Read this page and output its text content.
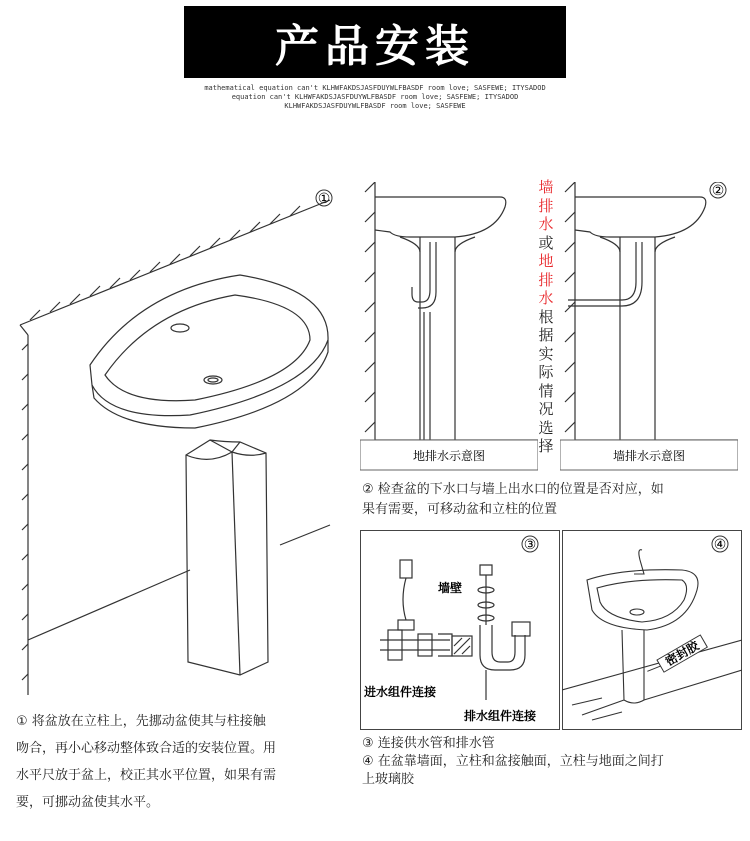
产品安装
mathematical equation can't KLHWFAKDSJASFDUYWLFBASDF room love; SASFEWE; ITYSADOD
equation can't KLHWFAKDSJASFDUYWLFBASDF room love; SASFEWE; ITYSADOD
KLHWFAKDSJASFDUYWLFBASDF room love; SASFEWE
①
① 将盆放在立柱上，先挪动盆使其与柱接触
吻合，再小心移动整体致合适的安装位置。用
水平尺放于盆上，校正其水平位置，如果有需
要，可挪动盆使其水平。
地排水示意图
墙排水或地排水根据实际情况选择
②
墙排水示意图
② 检查盆的下水口与墙上出水口的位置是否对应，如
果有需要，可移动盆和立柱的位置
③
墙壁
进水组件连接
排水组件连接
④
密封胶
③ 连接供水管和排水管
④ 在盆靠墙面，立柱和盆接触面，立柱与地面之间打
上玻璃胶
